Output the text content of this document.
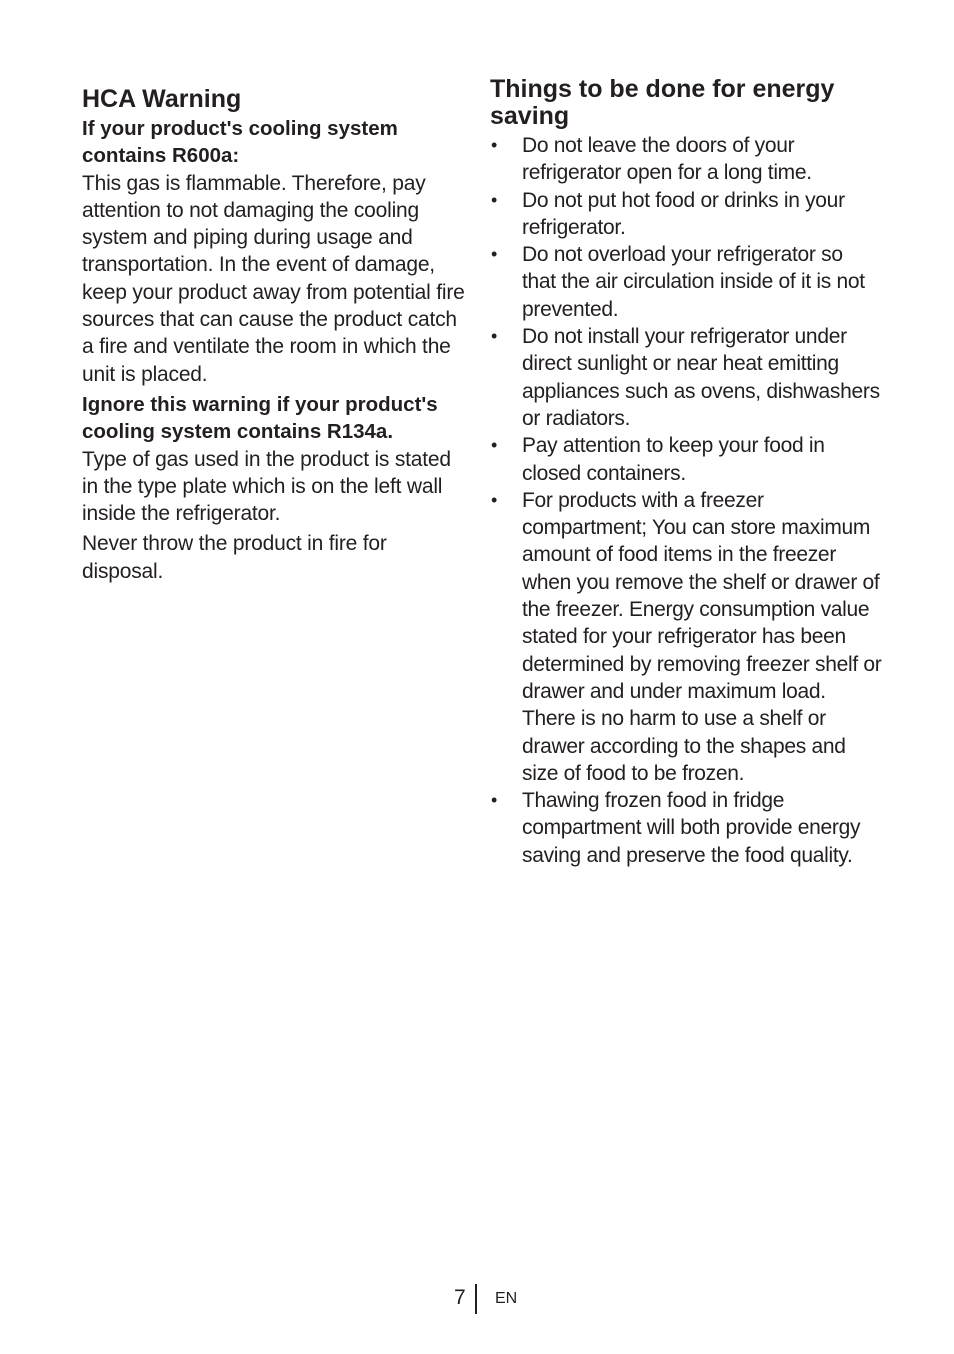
HCA Warning

If your product's cooling system contains R600a:

This gas is flammable. Therefore, pay attention to not damaging the cooling system and piping during usage and transportation. In the event of damage, keep your product away from potential fire sources that can cause the product catch a fire and ventilate the room in which the unit is placed.

Ignore this warning if your product's cooling system contains R134a.

Type of gas used in the product is stated in the type plate which is on the left wall inside the refrigerator.

Never throw the product in fire for disposal.

Things to be done for energy saving
• Do not leave the doors of your refrigerator open for a long time.
• Do not put hot food or drinks in your refrigerator.
• Do not overload your refrigerator so that the air circulation inside of it is not prevented.
• Do not install your refrigerator under direct sunlight or near heat emitting appliances such as ovens, dishwashers or radiators.
• Pay attention to keep your food in closed containers.
• For products with a freezer compartment; You can store maximum amount of food items in the freezer when you remove the shelf or drawer of the freezer. Energy consumption value stated for your refrigerator has been determined by removing freezer shelf or drawer and under maximum load. There is no harm to use a shelf or drawer according to the shapes and size of food to be frozen.
• Thawing frozen food in fridge compartment will both provide energy saving and preserve the food quality.
7 EN
